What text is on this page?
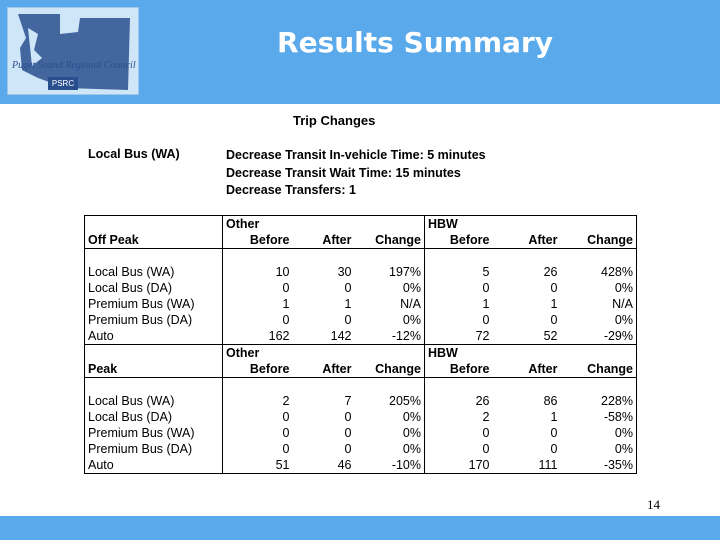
Puget Sound Regional Council
PSRC
Results Summary
Trip Changes
Local Bus (WA)	Decrease Transit In-vehicle Time: 5 minutes
Decrease Transit Wait Time: 15 minutes
Decrease Transfers: 1
	Other			HBW		
Off Peak	Before	After	Change	Before	After	Change

Local Bus (WA)	10	30	197%	5	26	428%
Local Bus (DA)	0	0	0%	0	0	0%
Premium Bus (WA)	1	1	N/A	1	1	N/A
Premium Bus (DA)	0	0	0%	0	0	0%
Auto	162	142	-12%	72	52	-29%
	Other			HBW		
Peak	Before	After	Change	Before	After	Change

Local Bus (WA)	2	7	205%	26	86	228%
Local Bus (DA)	0	0	0%	2	1	-58%
Premium Bus (WA)	0	0	0%	0	0	0%
Premium Bus (DA)	0	0	0%	0	0	0%
Auto	51	46	-10%	170	111	-35%
14
